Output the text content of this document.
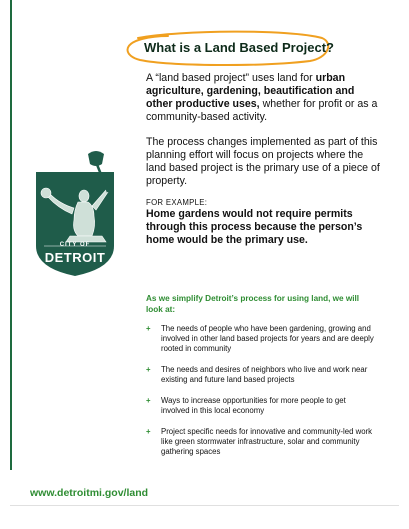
What is a Land Based Project?

A “land based project” uses land for urban agriculture, gardening, beautification and other productive uses, whether for profit or as a community-based activity.

The process changes implemented as part of this planning effort will focus on projects where the land based project is the primary use of a piece of property.

FOR EXAMPLE:

Home gardens would not require permits through this process because the person’s home would be the primary use.

CITY OF
DETROIT
As we simplify Detroit’s process for using land, we will look at:
+ The needs of people who have been gardening, growing and involved in other land based projects for years and are deeply rooted in community
+ The needs and desires of neighbors who live and work near existing and future land based projects
+ Ways to increase opportunities for more people to get involved in this local economy
+ Project specific needs for innovative and community-led work like green stormwater infrastructure, solar and community gathering spaces
www.detroitmi.gov/land
